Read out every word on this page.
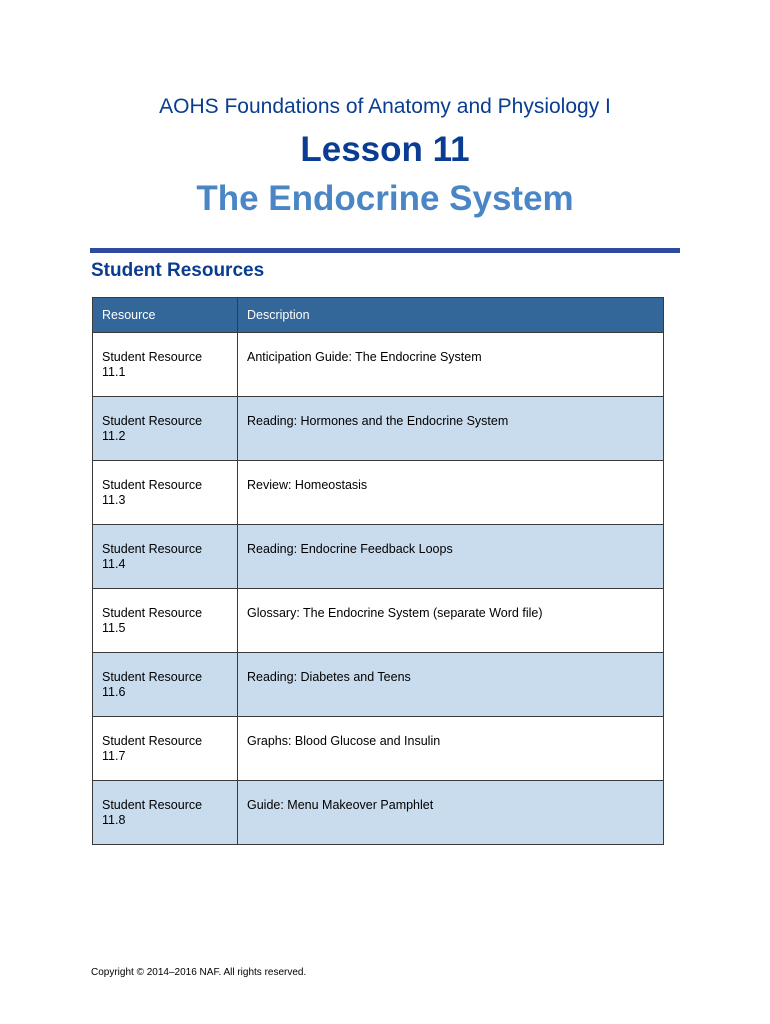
AOHS Foundations of Anatomy and Physiology I
Lesson 11
The Endocrine System
Student Resources
Resource	Description
Student Resource
11.1	Anticipation Guide: The Endocrine System
Student Resource
11.2	Reading: Hormones and the Endocrine System
Student Resource
11.3	Review: Homeostasis
Student Resource
11.4	Reading: Endocrine Feedback Loops
Student Resource
11.5	Glossary: The Endocrine System (separate Word file)
Student Resource
11.6	Reading: Diabetes and Teens
Student Resource
11.7	Graphs: Blood Glucose and Insulin
Student Resource
11.8	Guide: Menu Makeover Pamphlet
Copyright © 2014–2016 NAF. All rights reserved.
